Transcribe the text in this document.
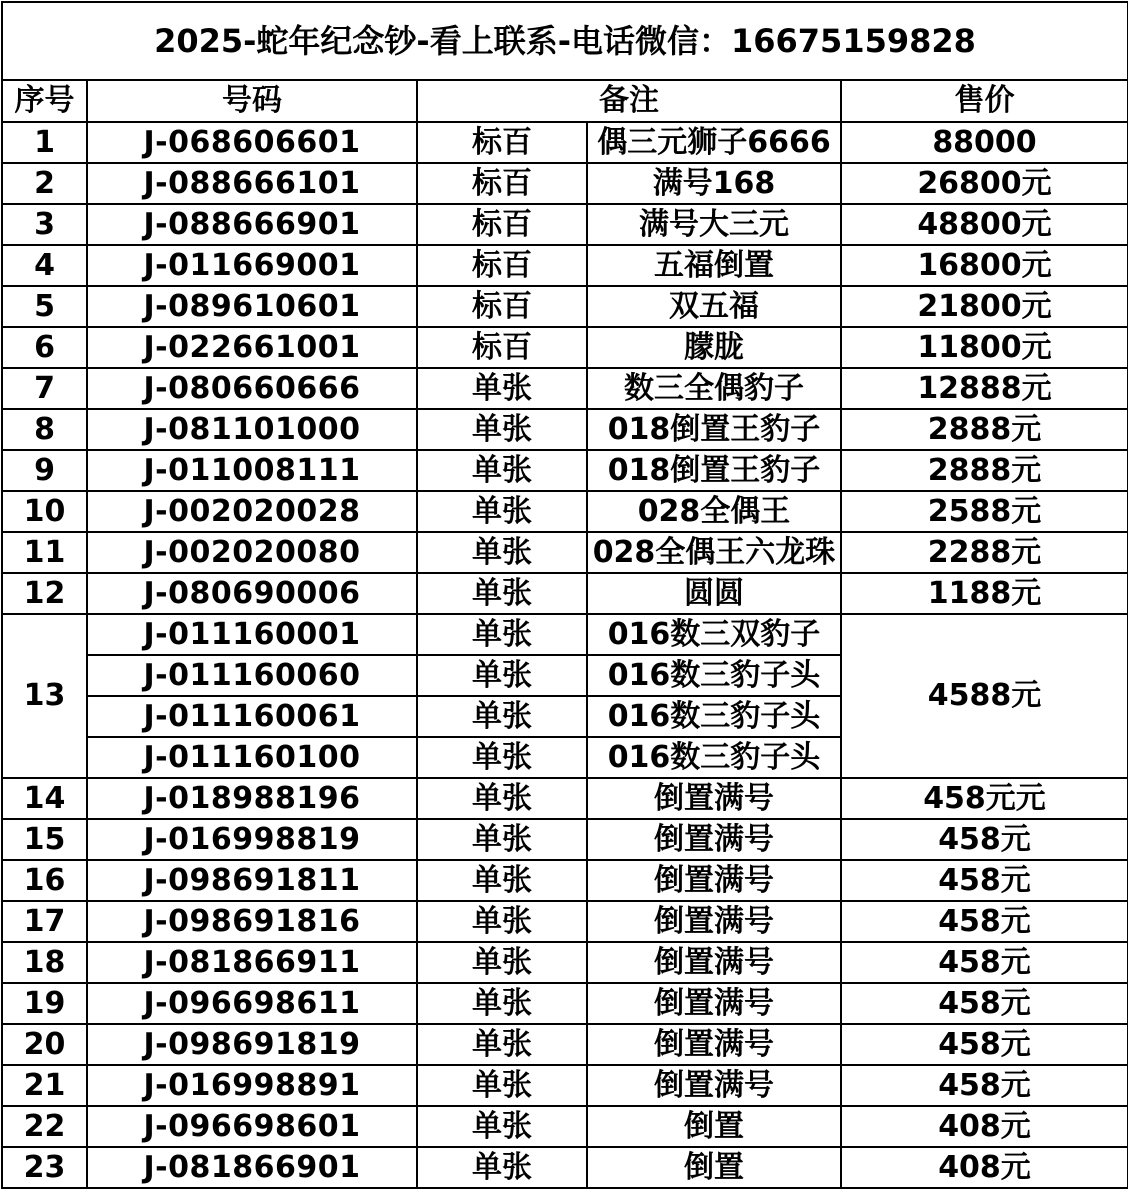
2025-蛇年纪念钞-看上联系-电话微信：16675159828				
序号	号码	备注		售价
1	J-068606601	标百	偶三元狮子6666	88000
2	J-088666101	标百	满号168	26800元
3	J-088666901	标百	满号大三元	48800元
4	J-011669001	标百	五福倒置	16800元
5	J-089610601	标百	双五福	21800元
6	J-022661001	标百	朦胧	11800元
7	J-080660666	单张	数三全偶豹子	12888元
8	J-081101000	单张	018倒置王豹子	2888元
9	J-011008111	单张	018倒置王豹子	2888元
10	J-002020028	单张	028全偶王	2588元
11	J-002020080	单张	028全偶王六龙珠	2288元
12	J-080690006	单张	圆圆	1188元
13	J-011160001	单张	016数三双豹子	4588元
	J-011160060	单张	016数三豹子头	
	J-011160061	单张	016数三豹子头	
	J-011160100	单张	016数三豹子头	
14	J-018988196	单张	倒置满号	458元元
15	J-016998819	单张	倒置满号	458元
16	J-098691811	单张	倒置满号	458元
17	J-098691816	单张	倒置满号	458元
18	J-081866911	单张	倒置满号	458元
19	J-096698611	单张	倒置满号	458元
20	J-098691819	单张	倒置满号	458元
21	J-016998891	单张	倒置满号	458元
22	J-096698601	单张	倒置	408元
23	J-081866901	单张	倒置	408元
